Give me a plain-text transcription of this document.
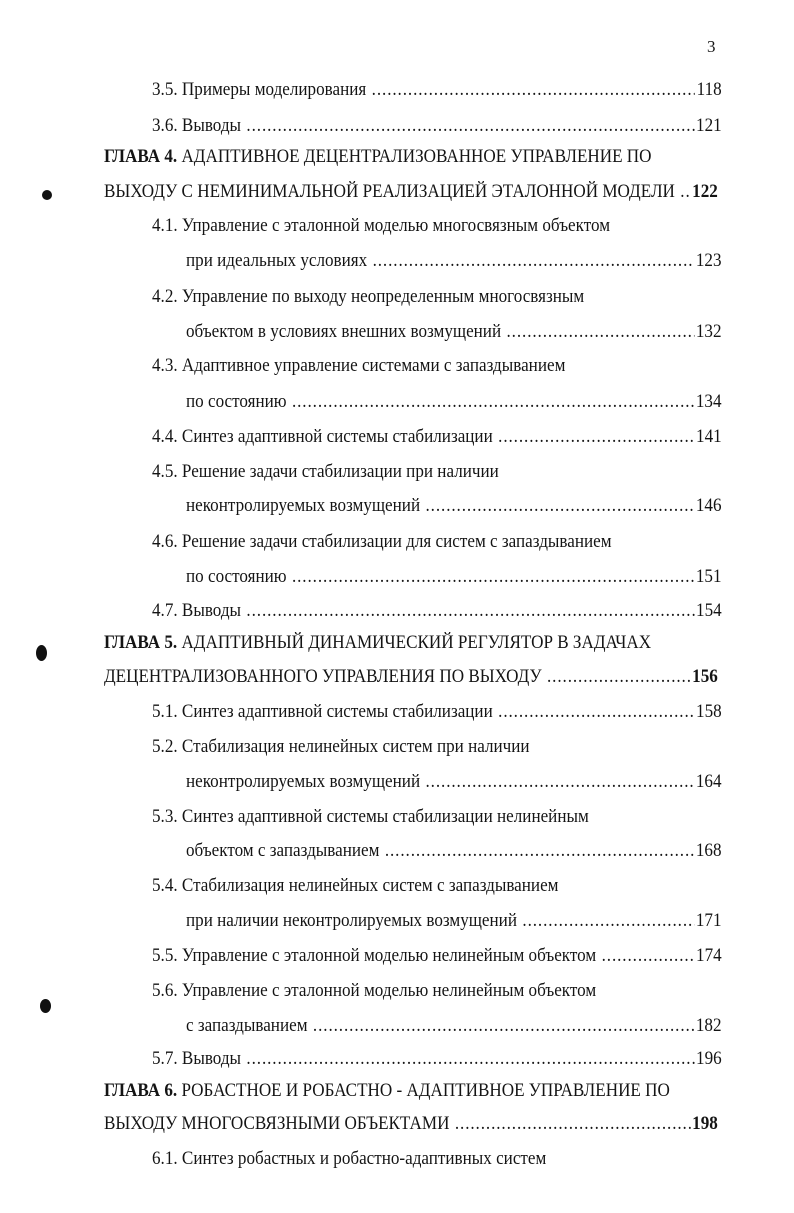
3
3.5. Примеры моделирования .....	118
3.6. Выводы .....	121
ГЛАВА 4. АДАПТИВНОЕ ДЕЦЕНТРАЛИЗОВАННОЕ УПРАВЛЕНИЕ ПО
ВЫХОДУ С НЕМИНИМАЛЬНОЙ РЕАЛИЗАЦИЕЙ ЭТАЛОННОЙ МОДЕЛИ ..... 122
4.1. Управление с эталонной моделью многосвязным объектом
при идеальных условиях .....	123
4.2. Управление по выходу неопределенным многосвязным
объектом в условиях внешних возмущений .....	132
4.3. Адаптивное управление системами с запаздыванием
по состоянию .....	134
4.4. Синтез адаптивной системы стабилизации .....	141
4.5. Решение задачи стабилизации при наличии
неконтролируемых возмущений .....	146
4.6. Решение задачи стабилизации для систем с запаздыванием
по состоянию .....	151
4.7. Выводы .....	154
ГЛАВА 5. АДАПТИВНЫЙ ДИНАМИЧЕСКИЙ РЕГУЛЯТОР В ЗАДАЧАХ
ДЕЦЕНТРАЛИЗОВАННОГО УПРАВЛЕНИЯ ПО ВЫХОДУ .....	156
5.1. Синтез адаптивной системы стабилизации .....	158
5.2. Стабилизация нелинейных систем при наличии
неконтролируемых возмущений .....	164
5.3. Синтез адаптивной системы стабилизации нелинейным
объектом с запаздыванием .....	168
5.4. Стабилизация нелинейных систем с запаздыванием
при наличии неконтролируемых возмущений .....	171
5.5. Управление с эталонной моделью нелинейным объектом .....	174
5.6. Управление с эталонной моделью нелинейным объектом
с запаздыванием .....	182
5.7. Выводы .....	196
ГЛАВА 6. РОБАСТНОЕ И РОБАСТНО - АДАПТИВНОЕ УПРАВЛЕНИЕ ПО
ВЫХОДУ МНОГОСВЯЗНЫМИ ОБЪЕКТАМИ .....	198
6.1. Синтез робастных и робастно-адаптивных систем
